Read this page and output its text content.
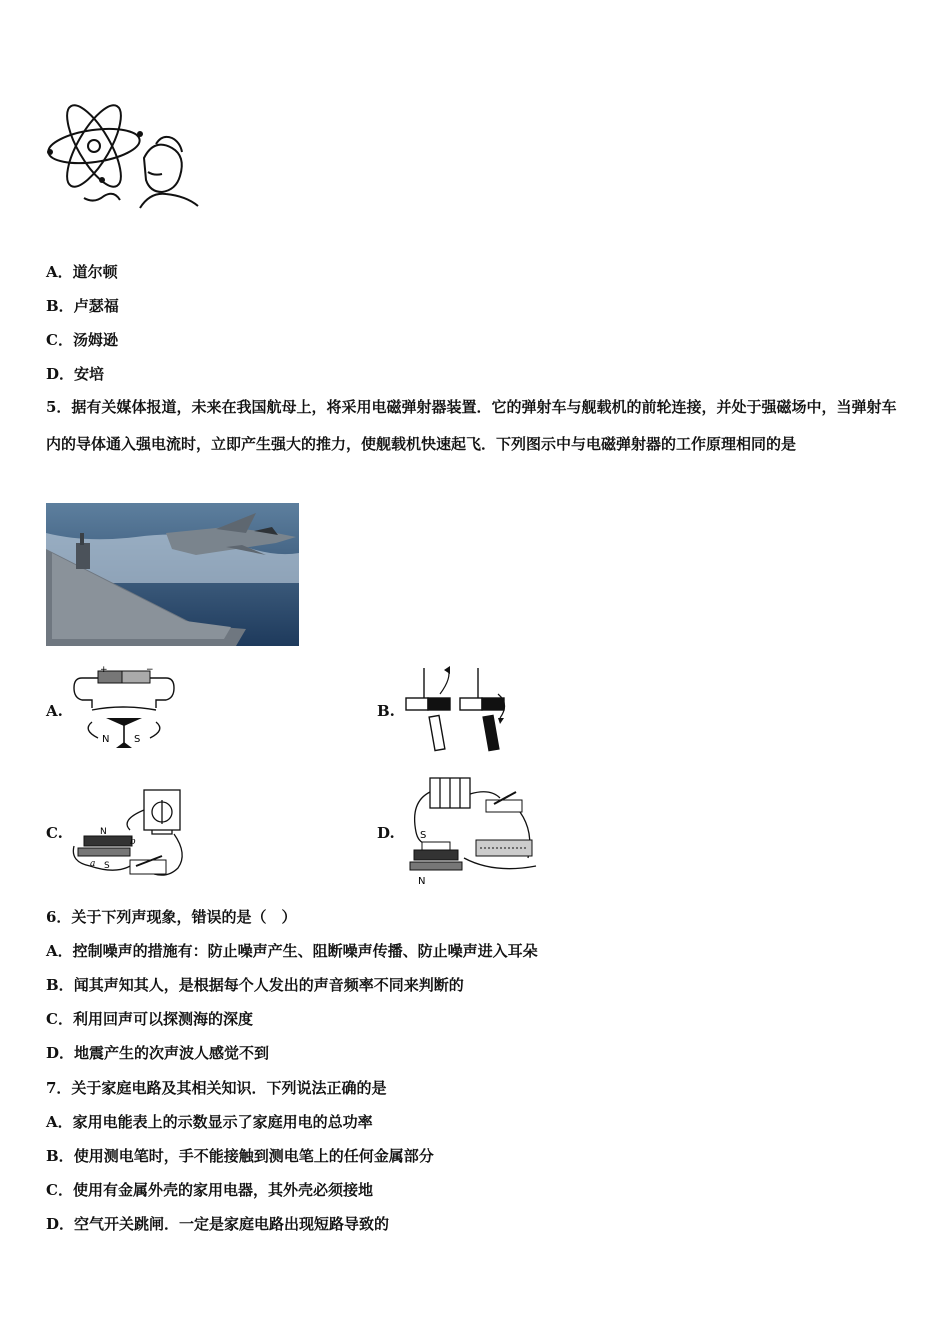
A．道尔顿
B．卢瑟福
C．汤姆逊
D．安培
5．据有关媒体报道，未来在我国航母上，将采用电磁弹射器装置．它的弹射车与舰载机的前轮连接，并处于强磁场中，当弹射车内的导体通入强电流时，立即产生强大的推力，使舰载机快速起飞．下列图示中与电磁弹射器的工作原理相同的是
A.
+	−
N S
B.
C.	N
S
a
b	D.	S
N
6．关于下列声现象，错误的是（　）
A．控制噪声的措施有：防止噪声产生、阻断噪声传播、防止噪声进入耳朵
B．闻其声知其人，是根据每个人发出的声音频率不同来判断的
C．利用回声可以探测海的深度
D．地震产生的次声波人感觉不到
7．关于家庭电路及其相关知识．下列说法正确的是
A．家用电能表上的示数显示了家庭用电的总功率
B．使用测电笔时，手不能接触到测电笔上的任何金属部分
C．使用有金属外壳的家用电器，其外壳必须接地
D．空气开关跳闸．一定是家庭电路出现短路导致的
